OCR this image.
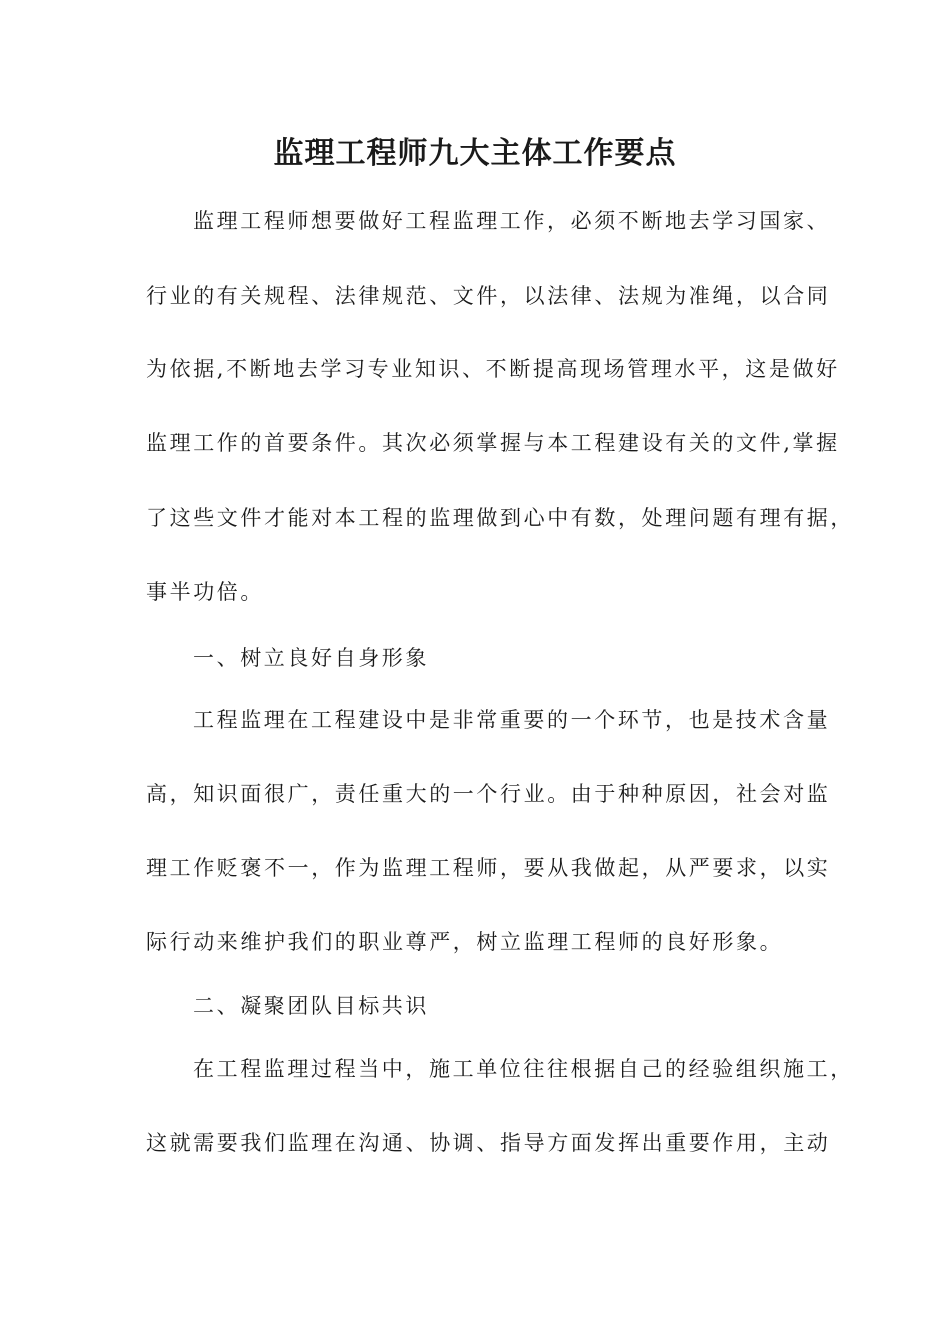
监理工程师九大主体工作要点
监理工程师想要做好工程监理工作，必须不断地去学习国家、
行业的有关规程、法律规范、文件，以法律、法规为准绳，以合同
为依据,不断地去学习专业知识、不断提高现场管理水平，这是做好
监理工作的首要条件。其次必须掌握与本工程建设有关的文件,掌握
了这些文件才能对本工程的监理做到心中有数，处理问题有理有据，
事半功倍。
一、树立良好自身形象
工程监理在工程建设中是非常重要的一个环节，也是技术含量
高，知识面很广，责任重大的一个行业。由于种种原因，社会对监
理工作贬褒不一，作为监理工程师，要从我做起，从严要求，以实
际行动来维护我们的职业尊严，树立监理工程师的良好形象。
二、凝聚团队目标共识
在工程监理过程当中，施工单位往往根据自己的经验组织施工，
这就需要我们监理在沟通、协调、指导方面发挥出重要作用，主动
